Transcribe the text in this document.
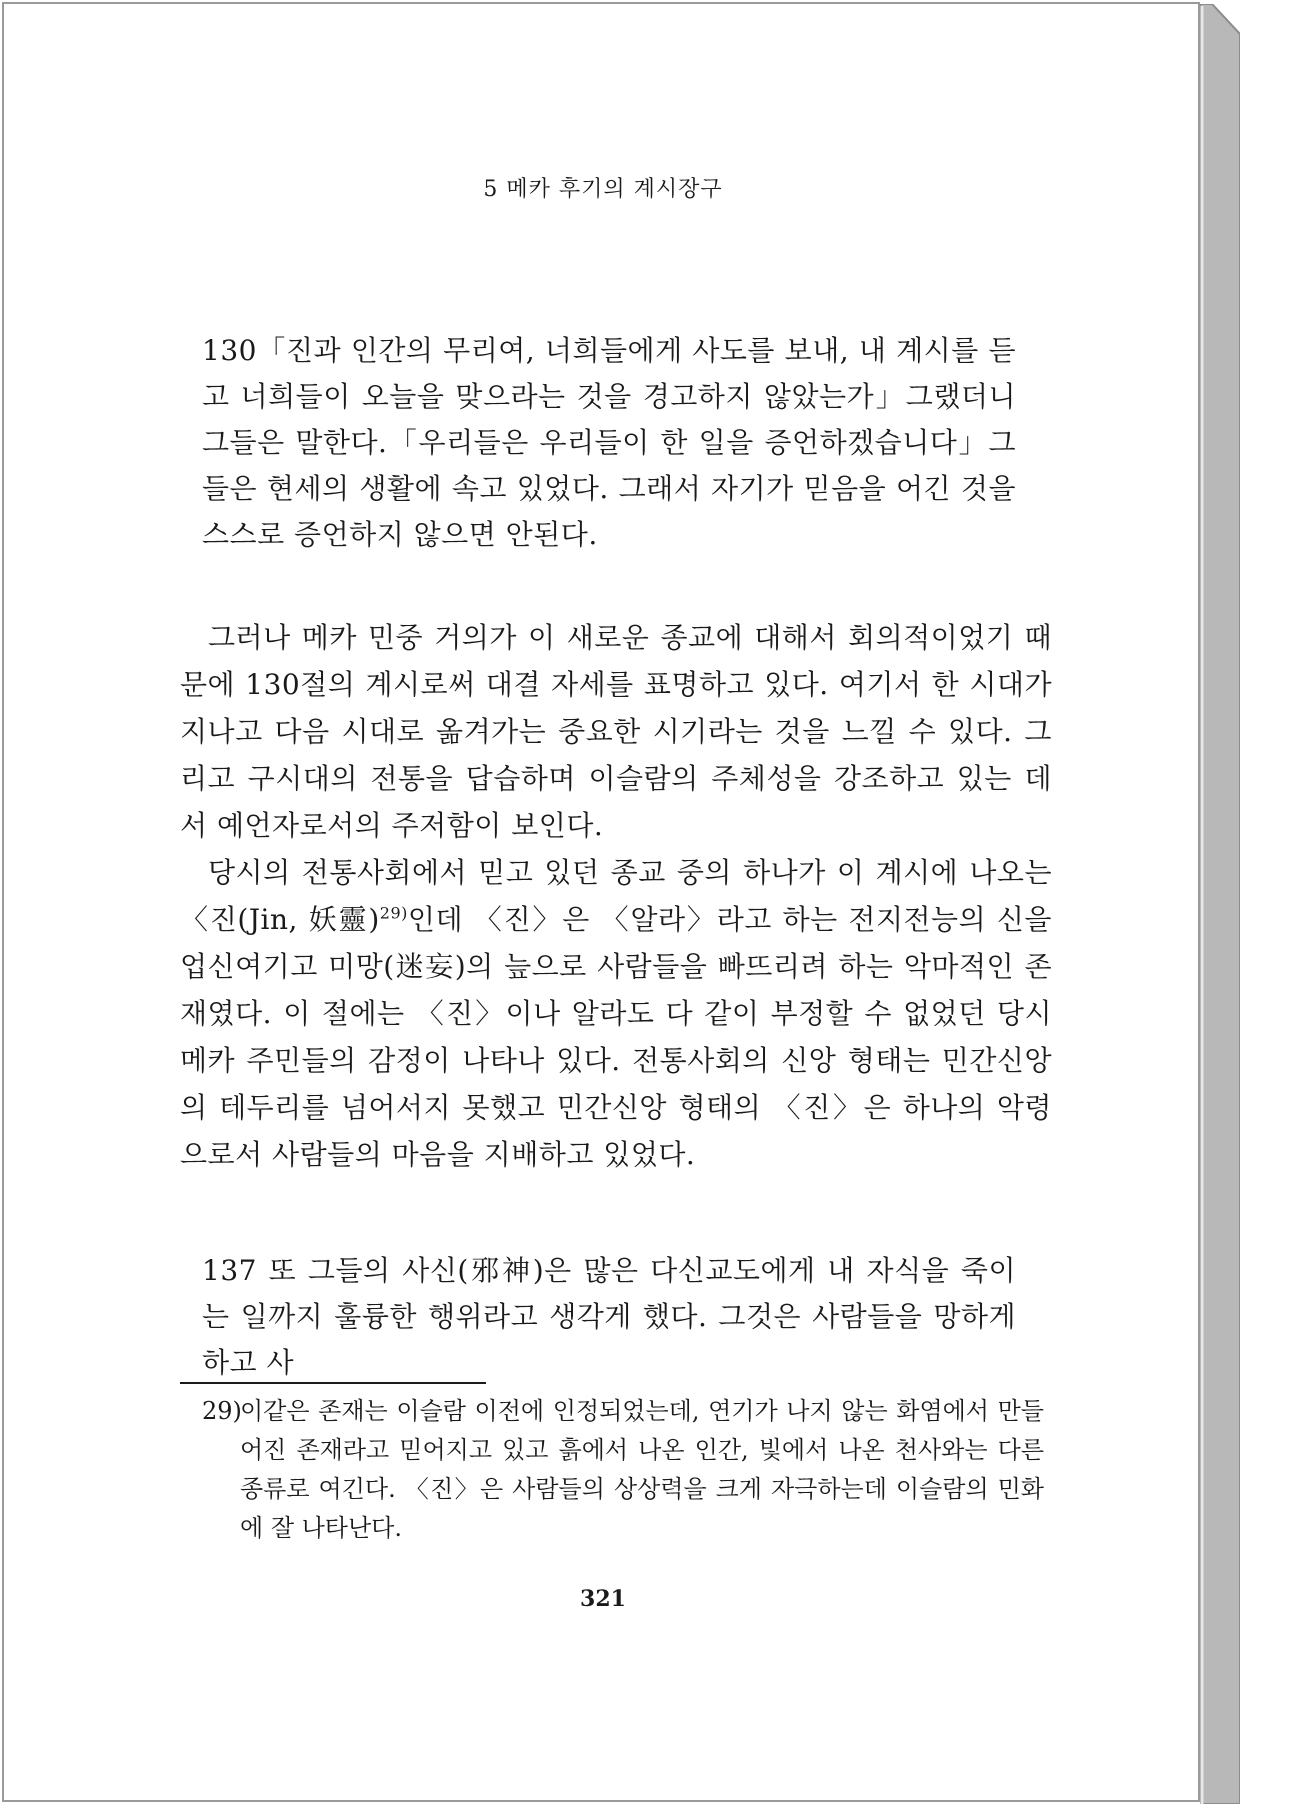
5 메카 후기의 계시장구

130「진과 인간의 무리여, 너희들에게 사도를 보내, 내 계시를 듣고 너희들이 오늘을 맞으라는 것을 경고하지 않았는가」그랬더니 그들은 말한다.「우리들은 우리들이 한 일을 증언하겠습니다」그들은 현세의 생활에 속고 있었다. 그래서 자기가 믿음을 어긴 것을 스스로 증언하지 않으면 안된다.

그러나 메카 민중 거의가 이 새로운 종교에 대해서 회의적이었기 때문에 130절의 계시로써 대결 자세를 표명하고 있다. 여기서 한 시대가 지나고 다음 시대로 옮겨가는 중요한 시기라는 것을 느낄 수 있다. 그리고 구시대의 전통을 답습하며 이슬람의 주체성을 강조하고 있는 데서 예언자로서의 주저함이 보인다.

당시의 전통사회에서 믿고 있던 종교 중의 하나가 이 계시에 나오는 〈진(Jin, 妖靈)$^{29)}$인데 〈진〉은 〈알라〉라고 하는 전지전능의 신을 업신여기고 미망(迷妄)의 늪으로 사람들을 빠뜨리려 하는 악마적인 존재였다. 이 절에는 〈진〉이나 알라도 다 같이 부정할 수 없었던 당시 메카 주민들의 감정이 나타나 있다. 전통사회의 신앙 형태는 민간신앙의 테두리를 넘어서지 못했고 민간신앙 형태의 〈진〉은 하나의 악령으로서 사람들의 마음을 지배하고 있었다.

137 또 그들의 사신(邪神)은 많은 다신교도에게 내 자식을 죽이는 일까지 훌륭한 행위라고 생각게 했다. 그것은 사람들을 망하게 하고 사

29)
이같은 존재는 이슬람 이전에 인정되었는데, 연기가 나지 않는 화염에서 만들어진 존재라고 믿어지고 있고 흙에서 나온 인간, 빛에서 나온 천사와는 다른 종류로 여긴다. 〈진〉은 사람들의 상상력을 크게 자극하는데 이슬람의 민화에 잘 나타난다.
321
